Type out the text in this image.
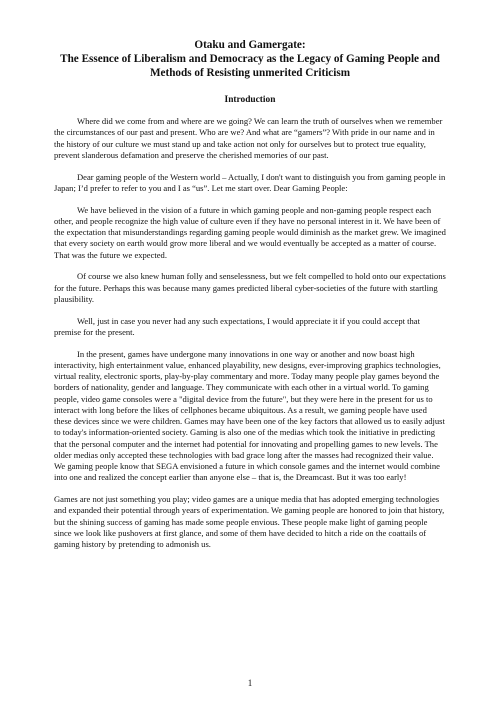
Otaku and Gamergate:
The Essence of Liberalism and Democracy as the Legacy of Gaming People and Methods of Resisting unmerited Criticism
Introduction

Where did we come from and where are we going? We can learn the truth of ourselves when we remember the circumstances of our past and present. Who are we? And what are “gamers”? With pride in our name and in the history of our culture we must stand up and take action not only for ourselves but to protect true equality, prevent slanderous defamation and preserve the cherished memories of our past.

Dear gaming people of the Western world – Actually, I don't want to distinguish you from gaming people in Japan; I’d prefer to refer to you and I as “us”. Let me start over. Dear Gaming People:

We have believed in the vision of a future in which gaming people and non-gaming people respect each other, and people recognize the high value of culture even if they have no personal interest in it. We have been of the expectation that misunderstandings regarding gaming people would diminish as the market grew. We imagined that every society on earth would grow more liberal and we would eventually be accepted as a matter of course. That was the future we expected.

Of course we also knew human folly and senselessness, but we felt compelled to hold onto our expectations for the future. Perhaps this was because many games predicted liberal cyber-societies of the future with startling plausibility.

Well, just in case you never had any such expectations, I would appreciate it if you could accept that premise for the present.

In the present, games have undergone many innovations in one way or another and now boast high interactivity, high entertainment value, enhanced playability, new designs, ever-improving graphics technologies, virtual reality, electronic sports, play-by-play commentary and more. Today many people play games beyond the borders of nationality, gender and language. They communicate with each other in a virtual world. To gaming people, video game consoles were a "digital device from the future", but they were here in the present for us to interact with long before the likes of cellphones became ubiquitous. As a result, we gaming people have used these devices since we were children. Games may have been one of the key factors that allowed us to easily adjust to today's information-oriented society. Gaming is also one of the medias which took the initiative in predicting that the personal computer and the internet had potential for innovating and propelling games to new levels. The older medias only accepted these technologies with bad grace long after the masses had recognized their value. We gaming people know that SEGA envisioned a future in which console games and the internet would combine into one and realized the concept earlier than anyone else – that is, the Dreamcast. But it was too early!

Games are not just something you play; video games are a unique media that has adopted emerging technologies and expanded their potential through years of experimentation. We gaming people are honored to join that history, but the shining success of gaming has made some people envious. These people make light of gaming people since we look like pushovers at first glance, and some of them have decided to hitch a ride on the coattails of gaming history by pretending to admonish us.

1
